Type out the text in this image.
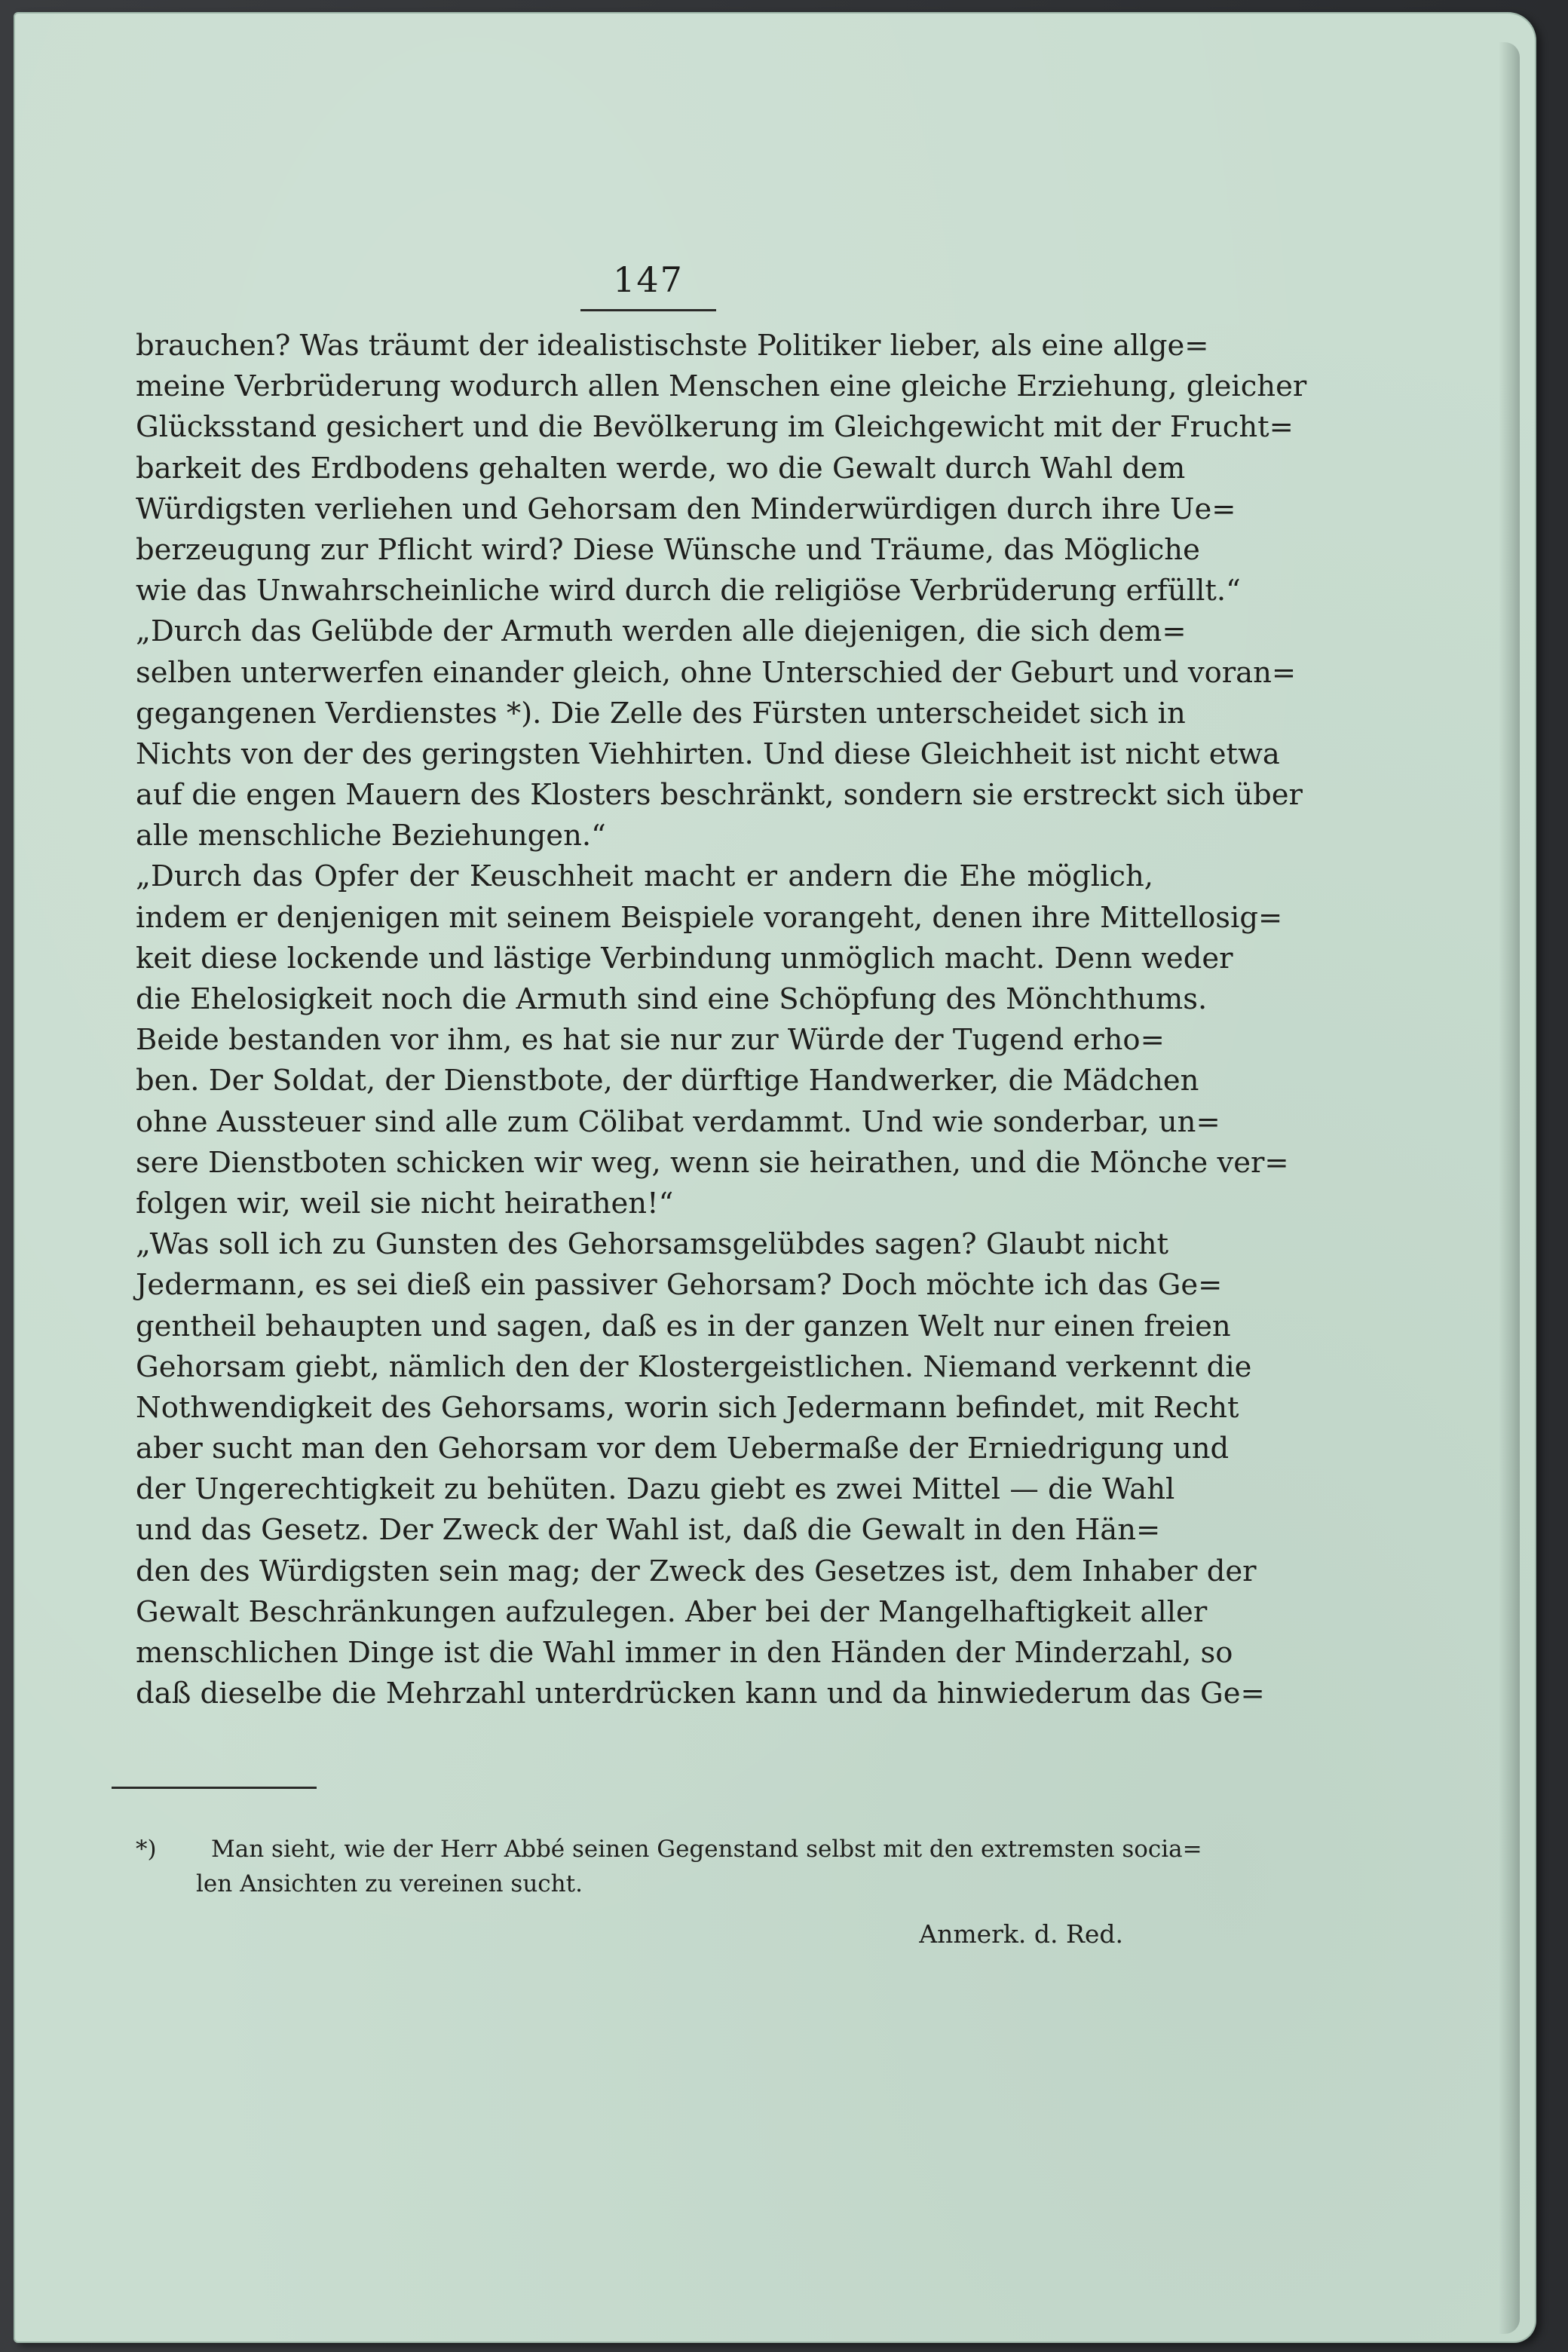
147
brauchen? Was träumt der idealistischste Politiker lieber, als eine allge=
meine Verbrüderung wodurch allen Menschen eine gleiche Erziehung, gleicher
Glücksstand gesichert und die Bevölkerung im Gleichgewicht mit der Frucht=
barkeit des Erdbodens gehalten werde, wo die Gewalt durch Wahl dem
Würdigsten verliehen und Gehorsam den Minderwürdigen durch ihre Ue=
berzeugung zur Pflicht wird? Diese Wünsche und Träume, das Mögliche
wie das Unwahrscheinliche wird durch die religiöse Verbrüderung erfüllt.“
„Durch das Gelübde der Armuth werden alle diejenigen, die sich dem=
selben unterwerfen einander gleich, ohne Unterschied der Geburt und voran=
gegangenen Verdienstes *). Die Zelle des Fürsten unterscheidet sich in
Nichts von der des geringsten Viehhirten. Und diese Gleichheit ist nicht etwa
auf die engen Mauern des Klosters beschränkt, sondern sie erstreckt sich über
alle menschliche Beziehungen.“
„Durch das Opfer der Keuschheit macht er andern die Ehe möglich,
indem er denjenigen mit seinem Beispiele vorangeht, denen ihre Mittellosig=
keit diese lockende und lästige Verbindung unmöglich macht. Denn weder
die Ehelosigkeit noch die Armuth sind eine Schöpfung des Mönchthums.
Beide bestanden vor ihm, es hat sie nur zur Würde der Tugend erho=
ben. Der Soldat, der Dienstbote, der dürftige Handwerker, die Mädchen
ohne Aussteuer sind alle zum Cölibat verdammt. Und wie sonderbar, un=
sere Dienstboten schicken wir weg, wenn sie heirathen, und die Mönche ver=
folgen wir, weil sie nicht heirathen!“
„Was soll ich zu Gunsten des Gehorsamsgelübdes sagen? Glaubt nicht
Jedermann, es sei dieß ein passiver Gehorsam? Doch möchte ich das Ge=
gentheil behaupten und sagen, daß es in der ganzen Welt nur einen freien
Gehorsam giebt, nämlich den der Klostergeistlichen. Niemand verkennt die
Nothwendigkeit des Gehorsams, worin sich Jedermann befindet, mit Recht
aber sucht man den Gehorsam vor dem Uebermaße der Erniedrigung und
der Ungerechtigkeit zu behüten. Dazu giebt es zwei Mittel — die Wahl
und das Gesetz. Der Zweck der Wahl ist, daß die Gewalt in den Hän=
den des Würdigsten sein mag; der Zweck des Gesetzes ist, dem Inhaber der
Gewalt Beschränkungen aufzulegen. Aber bei der Mangelhaftigkeit aller
menschlichen Dinge ist die Wahl immer in den Händen der Minderzahl, so
daß dieselbe die Mehrzahl unterdrücken kann und da hinwiederum das Ge=
*) Man sieht, wie der Herr Abbé seinen Gegenstand selbst mit den extremsten socia=
len Ansichten zu vereinen sucht.
Anmerk. d. Red.
